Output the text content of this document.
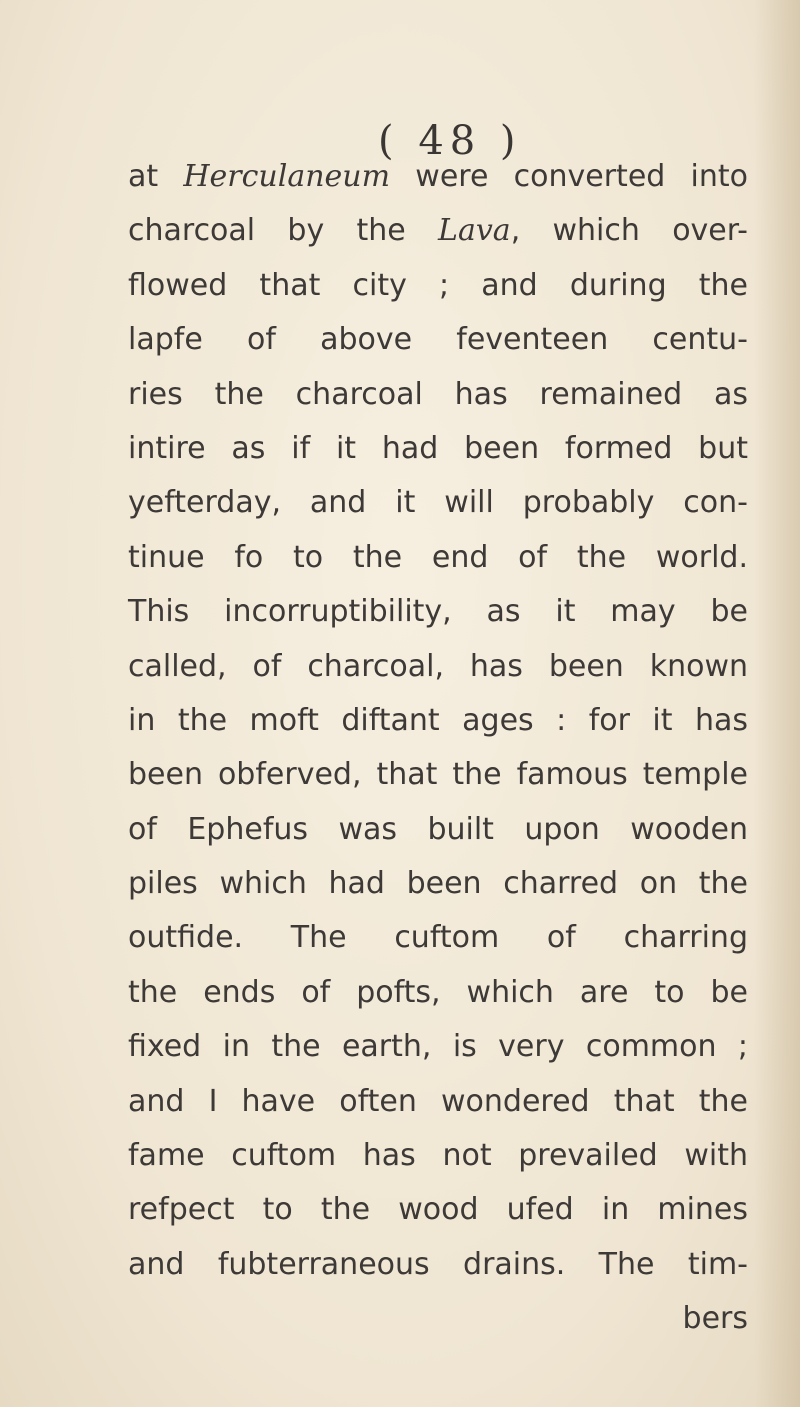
( 48 )
at Herculaneum were converted into
charcoal by the Lava, which over-
flowed that city ; and during the
lapfe of above feventeen centu-
ries the charcoal has remained as
intire as if it had been formed but
yefterday, and it will probably con-
tinue fo to the end of the world.
This incorruptibility, as it may be
called, of charcoal, has been known
in the moft diftant ages : for it has
been obferved, that the famous temple
of Ephefus was built upon wooden
piles which had been charred on the
outfide. The cuftom of charring
the ends of pofts, which are to be
fixed in the earth, is very common ;
and I have often wondered that the
fame cuftom has not prevailed with
refpect to the wood ufed in mines
and fubterraneous drains. The tim-
bers
